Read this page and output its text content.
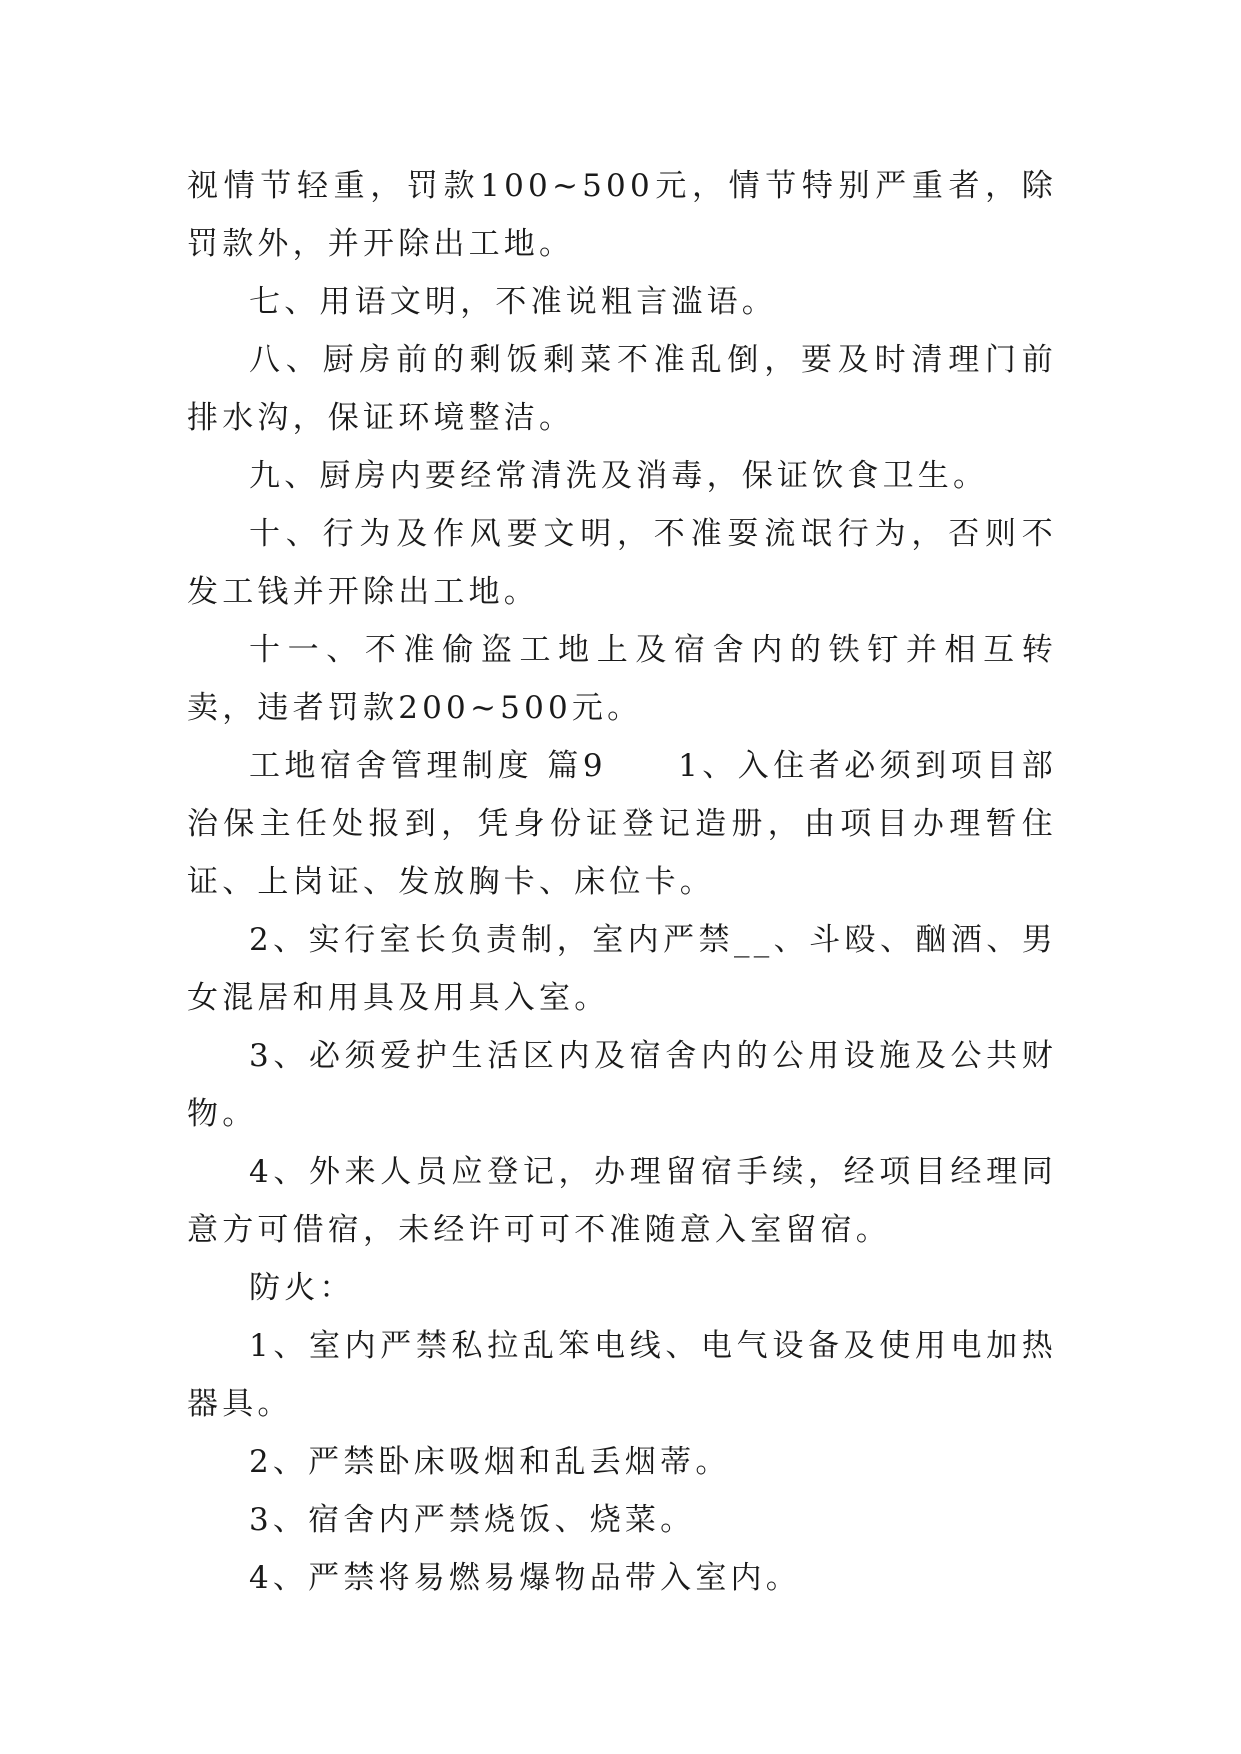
视情节轻重，罚款100~500元，情节特别严重者，除罚款外，并开除出工地。

七、用语文明，不准说粗言滥语。

八、厨房前的剩饭剩菜不准乱倒，要及时清理门前排水沟，保证环境整洁。

九、厨房内要经常清洗及消毒，保证饮食卫生。

十、行为及作风要文明，不准耍流氓行为，否则不发工钱并开除出工地。

十一、不准偷盗工地上及宿舍内的铁钉并相互转卖，违者罚款200~500元。

工地宿舍管理制度 篇9　　1、入住者必须到项目部治保主任处报到，凭身份证登记造册，由项目办理暂住证、上岗证、发放胸卡、床位卡。

2、实行室长负责制，室内严禁__、斗殴、酗酒、男女混居和用具及用具入室。

3、必须爱护生活区内及宿舍内的公用设施及公共财物。

4、外来人员应登记，办理留宿手续，经项目经理同意方可借宿，未经许可可不准随意入室留宿。

防火：

1、室内严禁私拉乱笨电线、电气设备及使用电加热器具。

2、严禁卧床吸烟和乱丢烟蒂。

3、宿舍内严禁烧饭、烧菜。

4、严禁将易燃易爆物品带入室内。
